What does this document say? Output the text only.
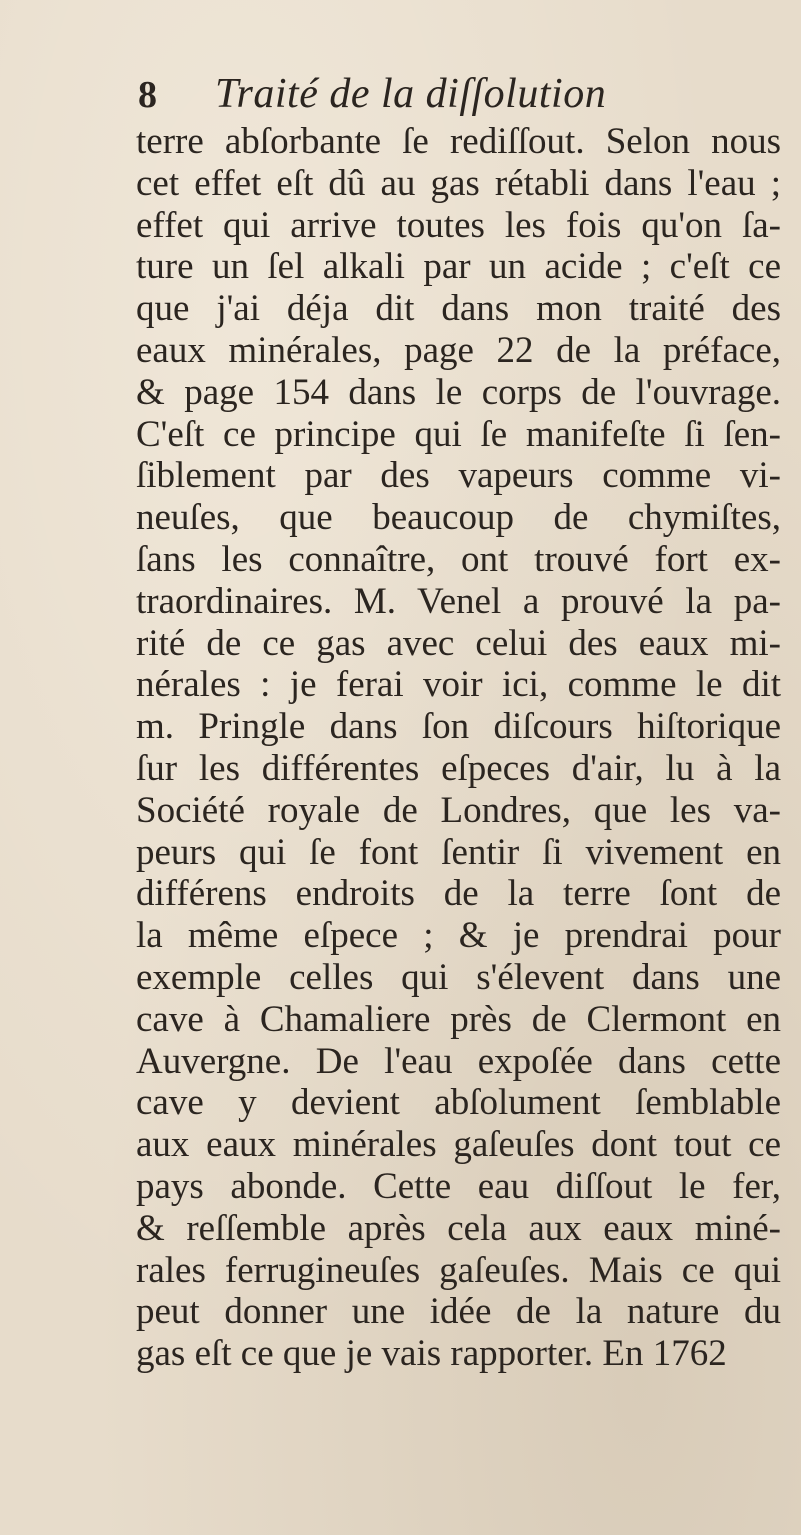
8 Traité de la diſſolution
terre abſorbante ſe rediſſout. Selon nous
cet effet eſt dû au gas rétabli dans l'eau ;
effet qui arrive toutes les fois qu'on ſa-
ture un ſel alkali par un acide ; c'eſt ce
que j'ai déja dit dans mon traité des
eaux minérales, page 22 de la préface,
& page 154 dans le corps de l'ouvrage.
C'eſt ce principe qui ſe manifeſte ſi ſen-
ſiblement par des vapeurs comme vi-
neuſes, que beaucoup de chymiſtes,
ſans les connaître, ont trouvé fort ex-
traordinaires. M. Venel a prouvé la pa-
rité de ce gas avec celui des eaux mi-
nérales : je ferai voir ici, comme le dit
m. Pringle dans ſon diſcours hiſtorique
ſur les différentes eſpeces d'air, lu à la
Société royale de Londres, que les va-
peurs qui ſe font ſentir ſi vivement en
différens endroits de la terre ſont de
la même eſpece ; & je prendrai pour
exemple celles qui s'élevent dans une
cave à Chamaliere près de Clermont en
Auvergne. De l'eau expoſée dans cette
cave y devient abſolument ſemblable
aux eaux minérales gaſeuſes dont tout ce
pays abonde. Cette eau diſſout le fer,
& reſſemble après cela aux eaux miné-
rales ferrugineuſes gaſeuſes. Mais ce qui
peut donner une idée de la nature du
gas eſt ce que je vais rapporter. En 1762
